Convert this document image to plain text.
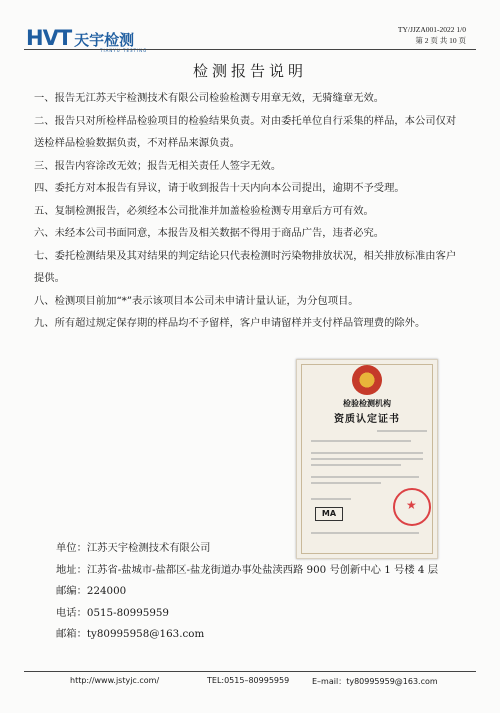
HVT 天宇检测
TIANYU TESTING
TY/JJZA001-2022 1/0
第 2 页 共 10 页
检测报告说明
一、报告无江苏天宇检测技术有限公司检验检测专用章无效，无骑缝章无效。
二、报告只对所检样品检验项目的检验结果负责。对由委托单位自行采集的样品，本公司仅对送检样品检验数据负责，不对样品来源负责。
三、报告内容涂改无效；报告无相关责任人签字无效。
四、委托方对本报告有异议，请于收到报告十天内向本公司提出，逾期不予受理。
五、复制检测报告，必须经本公司批准并加盖检验检测专用章后方可有效。
六、未经本公司书面同意，本报告及相关数据不得用于商品广告，违者必究。
七、委托检测结果及其对结果的判定结论只代表检测时污染物排放状况，相关排放标准由客户提供。
八、检测项目前加“*”表示该项目本公司未申请计量认证，为分包项目。
九、所有超过规定保存期的样品均不予留样，客户申请留样并支付样品管理费的除外。
检验检测机构
资质认定证书
MA
★
单位：江苏天宇检测技术有限公司
地址：江苏省-盐城市-盐都区-盐龙街道办事处盐渎西路 900 号创新中心 1 号楼 4 层
邮编：224000
电话：0515-80995959
邮箱：ty80995958@163.com
http://www.jstyjc.com/	TEL:0515–80995959	E–mail：ty80995959@163.com
